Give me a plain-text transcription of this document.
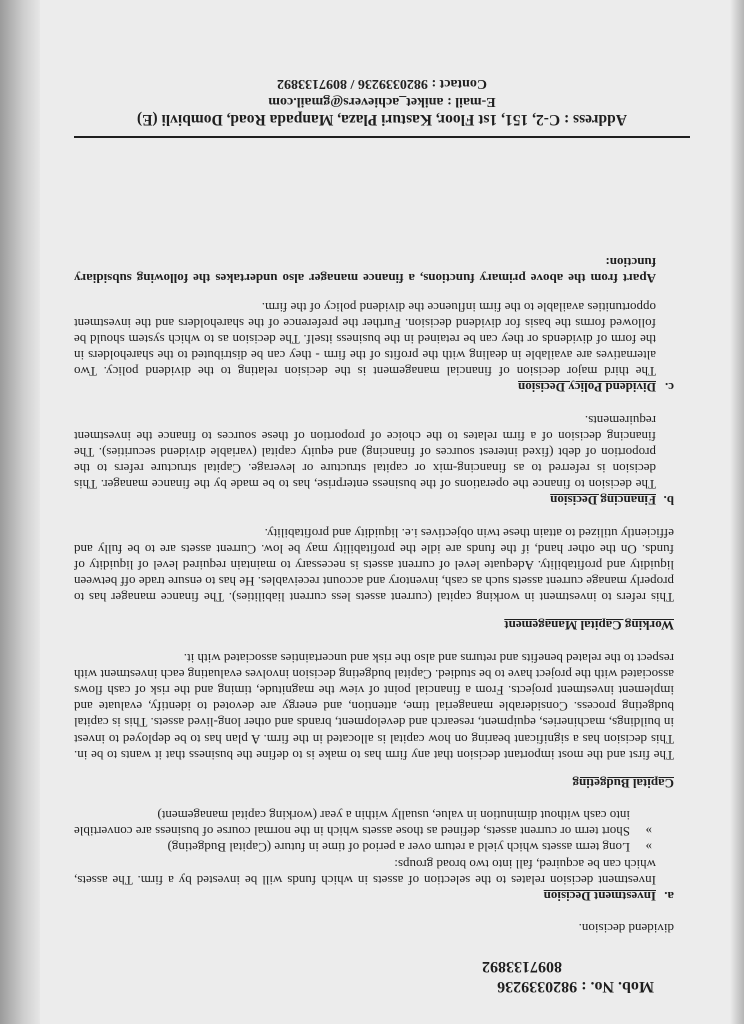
Mob. No. : 9820339236
8097133892

dividend decision.

a.Investment Decision

Investment decision relates to the selection of assets in which funds will be invested by a firm. The assets, which can be acquired, fall into two broad groups:

»
Long term assets which yield a return over a period of time in future (Capital Budgeting)
»
Short term or current assets, defined as those assets which in the normal course of business are convertible into cash without diminution in value, usually within a year (working capital management)
Capital Budgeting

The first and the most important decision that any firm has to make is to define the business that it wants to be in. This decision has a significant bearing on how capital is allocated in the firm. A plan has to be deployed to invest in buildings, machineries, equipment, research and development, brands and other long-lived assets. This is capital budgeting process. Considerable managerial time, attention, and energy are devoted to identify, evaluate and implement investment projects. From a financial point of view the magnitude, timing and the risk of cash flows associated with the project have to be studied. Capital budgeting decision involves evaluating each investment with respect to the related benefits and returns and also the risk and uncertainties associated with it.

Working Capital Management

This refers to investment in working capital (current assets less current liabilities). The finance manager has to properly manage current assets such as cash, inventory and account receivables. He has to ensure trade off between liquidity and profitability. Adequate level of current assets is necessary to maintain required level of liquidity of funds. On the other hand, if the funds are idle the profitability may be low. Current assets are to be fully and efficiently utilized to attain these twin objectives i.e. liquidity and profitability.

b.Financing Decision

The decision to finance the operations of the business enterprise, has to be made by the finance manager. This decision is referred to as financing-mix or capital structure or leverage. Capital structure refers to the proportion of debt (fixed interest sources of financing) and equity capital (variable dividend securities). The financing decision of a firm relates to the choice of proportion of these sources to finance the investment requirements.

c.Dividend Policy Decision

The third major decision of financial management is the decision relating to the dividend policy. Two alternatives are available in dealing with the profits of the firm - they can be distributed to the shareholders in the form of dividends or they can be retained in the business itself. The decision as to which system should be followed forms the basis for dividend decision. Further the preference of the shareholders and the investment opportunities available to the firm influence the dividend policy of the firm.

Apart from the above primary functions, a finance manager also undertakes the following subsidiary function:

Address : C-2, 151, 1st Floor, Kasturi Plaza, Manpada Road, Dombivli (E)
E-mail : aniket_achievers@gmail.com
Contact : 9820339236 / 8097133892
